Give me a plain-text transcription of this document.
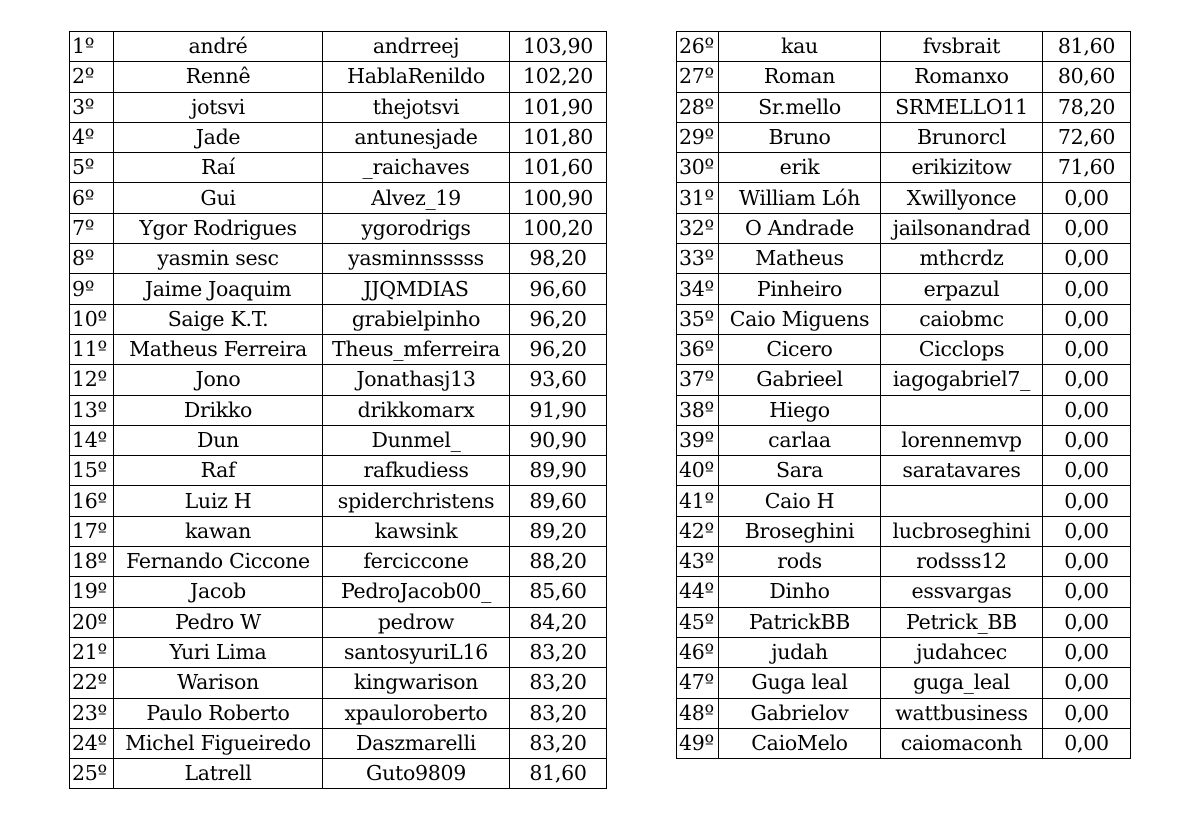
1º	andré	andrreej	103,90
2º	Rennê	HablaRenildo	102,20
3º	jotsvi	thejotsvi	101,90
4º	Jade	antunesjade	101,80
5º	Raí	_raichaves	101,60
6º	Gui	Alvez_19	100,90
7º	Ygor Rodrigues	ygorodrigs	100,20
8º	yasmin sesc	yasminnsssss	98,20
9º	Jaime Joaquim	JJQMDIAS	96,60
10º	Saige K.T.	grabielpinho	96,20
11º	Matheus Ferreira	Theus_mferreira	96,20
12º	Jono	Jonathasj13	93,60
13º	Drikko	drikkomarx	91,90
14º	Dun	Dunmel_	90,90
15º	Raf	rafkudiess	89,90
16º	Luiz H	spiderchristens	89,60
17º	kawan	kawsink	89,20
18º	Fernando Ciccone	ferciccone	88,20
19º	Jacob	PedroJacob00_	85,60
20º	Pedro W	pedrow	84,20
21º	Yuri Lima	santosyuriL16	83,20
22º	Warison	kingwarison	83,20
23º	Paulo Roberto	xpauloroberto	83,20
24º	Michel Figueiredo	Daszmarelli	83,20
25º	Latrell	Guto9809	81,60
26º	kau	fvsbrait	81,60
27º	Roman	Romanxo	80,60
28º	Sr.mello	SRMELLO11	78,20
29º	Bruno	Brunorcl	72,60
30º	erik	erikizitow	71,60
31º	William Lóh	Xwillyonce	0,00
32º	O Andrade	jailsonandrad	0,00
33º	Matheus	mthcrdz	0,00
34º	Pinheiro	erpazul	0,00
35º	Caio Miguens	caiobmc	0,00
36º	Cicero	Cicclops	0,00
37º	Gabrieel	iagogabriel7_	0,00
38º	Hiego		0,00
39º	carlaa	lorennemvp	0,00
40º	Sara	saratavares	0,00
41º	Caio H		0,00
42º	Broseghini	lucbroseghini	0,00
43º	rods	rodsss12	0,00
44º	Dinho	essvargas	0,00
45º	PatrickBB	Petrick_BB	0,00
46º	judah	judahcec	0,00
47º	Guga leal	guga_leal	0,00
48º	Gabrielov	wattbusiness	0,00
49º	CaioMelo	caiomaconh	0,00
